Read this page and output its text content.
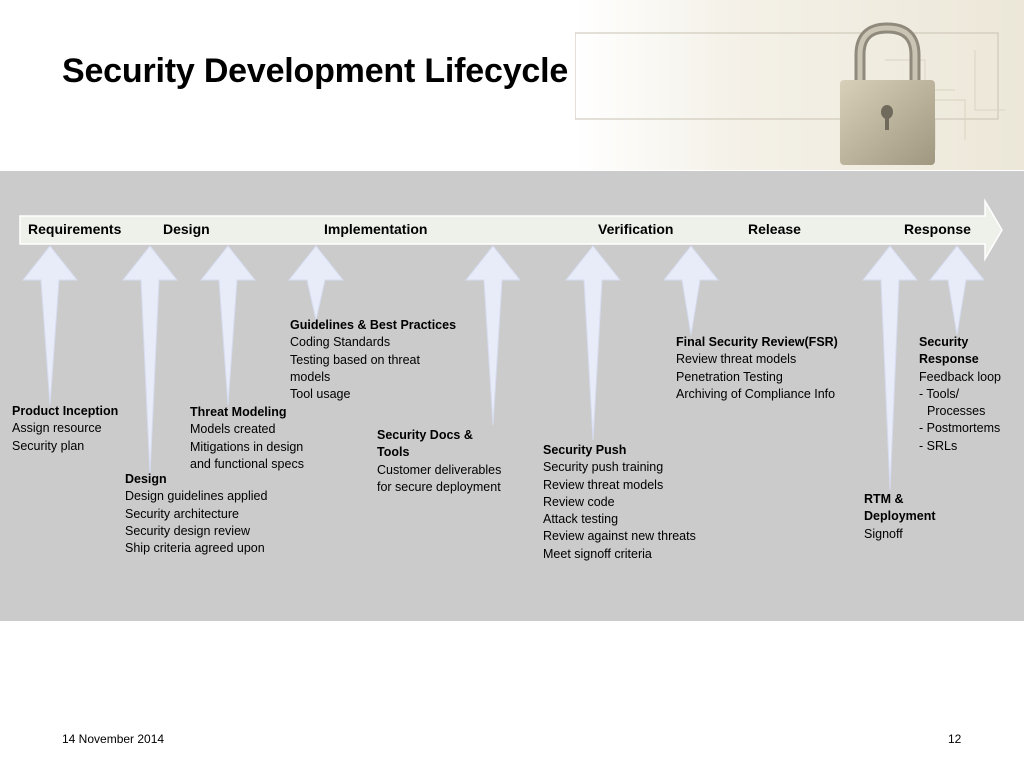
Security Development Lifecycle
Requirements	Design	Implementation	Verification	Release	Response
Product Inception
Assign resource
Security plan
Design
Design guidelines applied
Security architecture
Security design review
Ship criteria agreed upon
Threat Modeling
Models created
Mitigations in design
and functional specs
Guidelines & Best Practices
Coding Standards
Testing based on threat
models
Tool usage
Security Docs &
Tools
Customer deliverables
for secure deployment
Security Push
Security push training
Review threat models
Review code
Attack testing
Review against new threats
Meet signoff criteria
Final Security Review(FSR)
Review threat models
Penetration Testing
Archiving of Compliance Info
RTM &
Deployment
Signoff
Security
Response
Feedback loop
- Tools/
Processes
- Postmortems
- SRLs
14 November 2014	12
